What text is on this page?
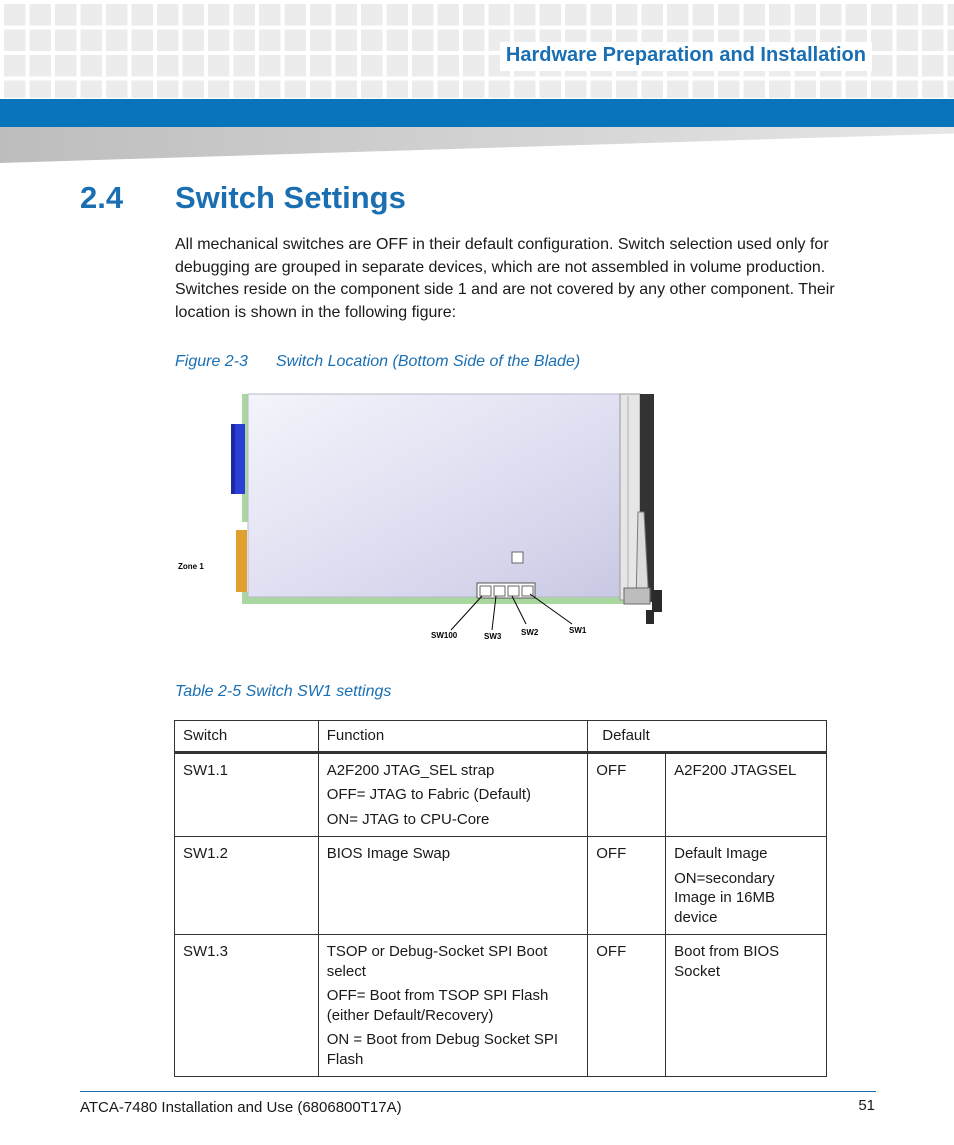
Hardware Preparation and Installation
2.4 Switch Settings

All mechanical switches are OFF in their default configuration. Switch selection used only for debugging are grouped in separate devices, which are not assembled in volume production. Switches reside on the component side 1 and are not covered by any other component. Their location is shown in the following figure:

Figure 2-3 Switch Location (Bottom Side of the Blade)
Zone 1
SW100	SW3 SW2	SW1
Table 2-5 Switch SW1 settings
Switch	Function	Default	
SW1.1	A2F200 JTAG_SEL strap

OFF= JTAG to Fabric (Default)

ON= JTAG to CPU-Core	OFF	A2F200 JTAGSEL

SW1.2	BIOS Image Swap	OFF	Default Image

ON=secondary Image in 16MB device

SW1.3	TSOP or Debug-Socket SPI Boot select

OFF= Boot from TSOP SPI Flash (either Default/Recovery)

ON = Boot from Debug Socket SPI Flash	OFF	Boot from BIOS Socket

ATCA-7480 Installation and Use (6806800T17A)	51
